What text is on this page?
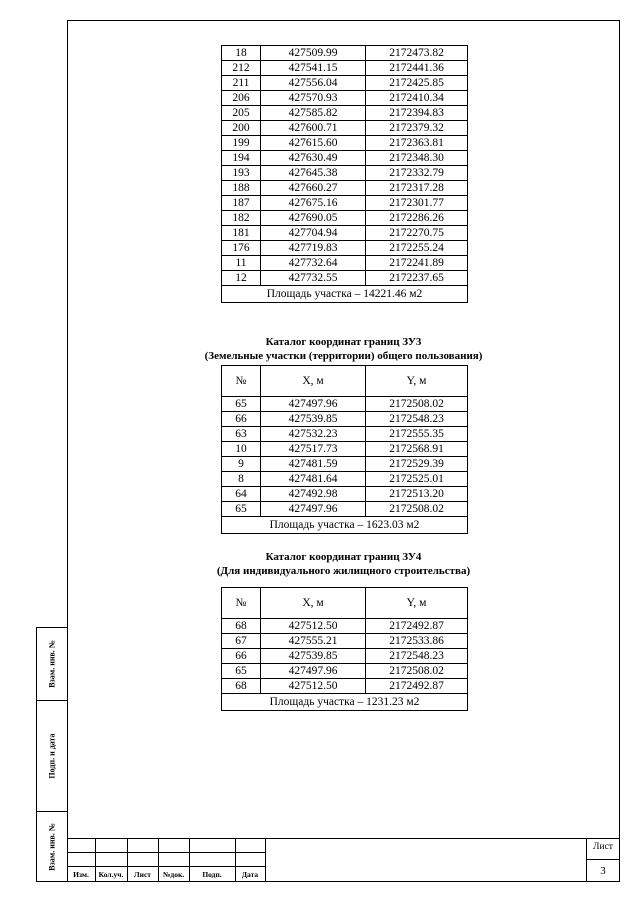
Взам. инв. №
Подп. и дата
Взам. инв. №
18	427509.99	2172473.82
212	427541.15	2172441.36
211	427556.04	2172425.85
206	427570.93	2172410.34
205	427585.82	2172394.83
200	427600.71	2172379.32
199	427615.60	2172363.81
194	427630.49	2172348.30
193	427645.38	2172332.79
188	427660.27	2172317.28
187	427675.16	2172301.77
182	427690.05	2172286.26
181	427704.94	2172270.75
176	427719.83	2172255.24
11	427732.64	2172241.89
12	427732.55	2172237.65
Площадь участка – 14221.46 м2		
Каталог координат границ ЗУ3
(Земельные участки (территории) общего пользования)
№	X, м	Y, м
65	427497.96	2172508.02
66	427539.85	2172548.23
63	427532.23	2172555.35
10	427517.73	2172568.91
9	427481.59	2172529.39
8	427481.64	2172525.01
64	427492.98	2172513.20
65	427497.96	2172508.02
Площадь участка – 1623.03 м2		
Каталог координат границ ЗУ4
(Для индивидуального жилищного строительства)
№	X, м	Y, м
68	427512.50	2172492.87
67	427555.21	2172533.86
66	427539.85	2172548.23
65	427497.96	2172508.02
68	427512.50	2172492.87
Площадь участка – 1231.23 м2		
Изм.	Кол.уч.	Лист	№док.	Подп.	Дата
Лист
3
